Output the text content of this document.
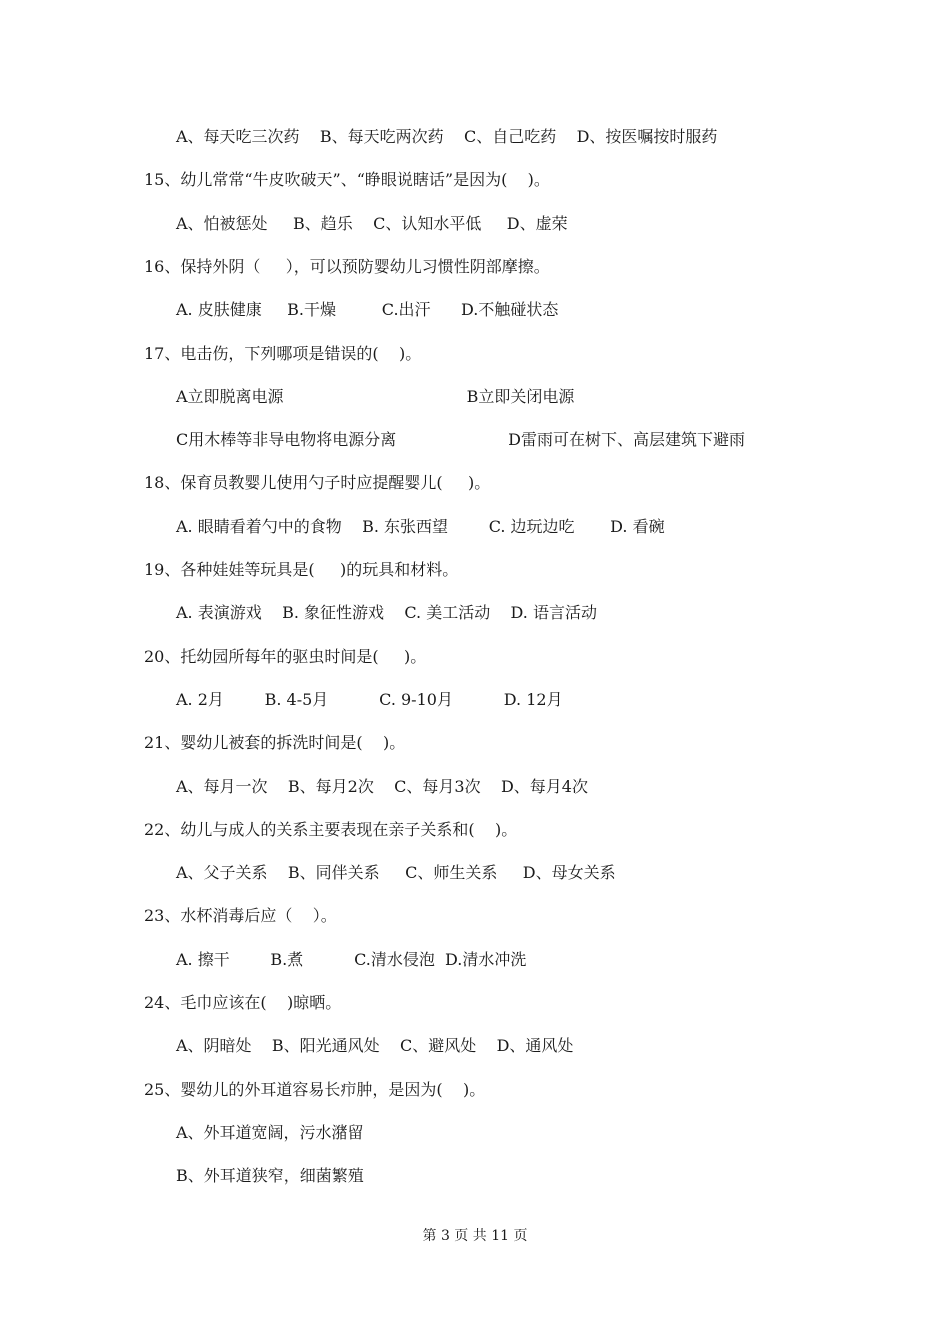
A、每天吃三次药    B、每天吃两次药    C、自己吃药    D、按医嘱按时服药
15、幼儿常常“牛皮吹破天”、“睁眼说瞎话”是因为(    )。
A、怕被惩处     B、趋乐    C、认知水平低     D、虚荣
16、保持外阴（     ），可以预防婴幼儿习惯性阴部摩擦。
A. 皮肤健康     B.干燥         C.出汗      D.不触碰状态
17、电击伤，下列哪项是错误的(    )。
A立即脱离电源                                    B立即关闭电源
C用木棒等非导电物将电源分离                      D雷雨可在树下、高层建筑下避雨
18、保育员教婴儿使用勺子时应提醒婴儿(     )。
A. 眼睛看着勺中的食物    B. 东张西望        C. 边玩边吃       D. 看碗
19、各种娃娃等玩具是(     )的玩具和材料。
A. 表演游戏    B. 象征性游戏    C. 美工活动    D. 语言活动
20、托幼园所每年的驱虫时间是(     )。
A. 2月        B. 4-5月          C. 9-10月          D. 12月
21、婴幼儿被套的拆洗时间是(    )。
A、每月一次    B、每月2次    C、每月3次    D、每月4次
22、幼儿与成人的关系主要表现在亲子关系和(    )。
A、父子关系    B、同伴关系     C、师生关系     D、母女关系
23、水杯消毒后应（    ）。
A. 擦干        B.煮          C.清水侵泡  D.清水冲洗
24、毛巾应该在(    )晾晒。
A、阴暗处    B、阳光通风处    C、避风处    D、通风处
25、婴幼儿的外耳道容易长疖肿，是因为(    )。
A、外耳道宽阔，污水潴留
B、外耳道狭窄，细菌繁殖
第 3 页 共 11 页
